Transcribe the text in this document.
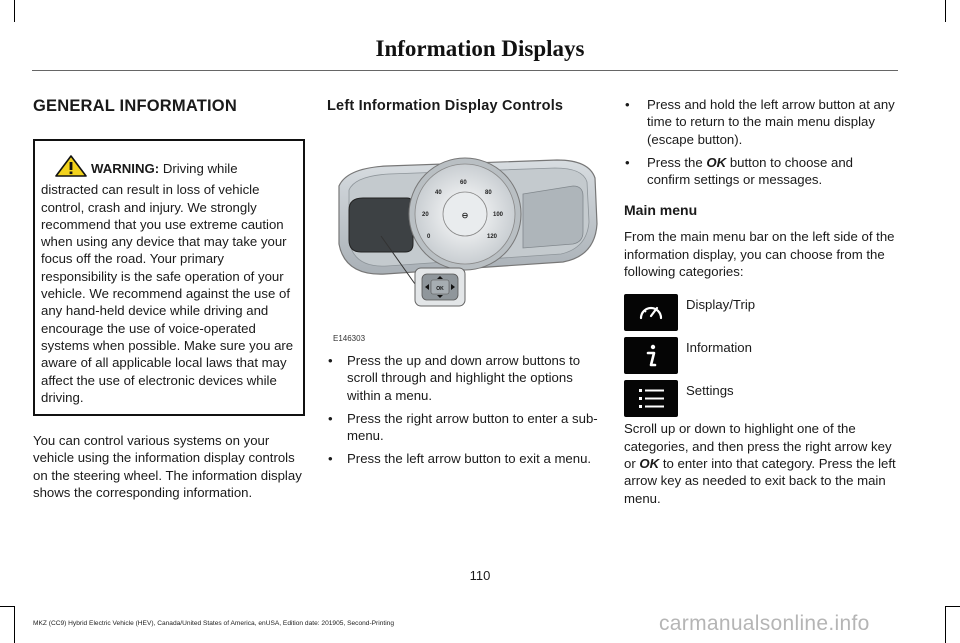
Information Displays
GENERAL INFORMATION
WARNING: Driving while distracted can result in loss of vehicle control, crash and injury. We strongly recommend that you use extreme caution when using any device that may take your focus off the road. Your primary responsibility is the safe operation of your vehicle. We recommend against the use of any hand-held device while driving and encourage the use of voice-operated systems when possible. Make sure you are aware of all applicable local laws that may affect the use of electronic devices while driving.

You can control various systems on your vehicle using the information display controls on the steering wheel. The information display shows the corresponding information.

Left Information Display Controls
⊖
0
20
40
60
80
100
120
OK
E146303
• Press the up and down arrow buttons to scroll through and highlight the options within a menu.
• Press the right arrow button to enter a sub-menu.
• Press the left arrow button to exit a menu.
• Press and hold the left arrow button at any time to return to the main menu display (escape button).
• Press the OK button to choose and confirm settings or messages.
Main menu

From the main menu bar on the left side of the information display, you can choose from the following categories:

Display/Trip
Information
Settings

Scroll up or down to highlight one of the categories, and then press the right arrow key or OK to enter into that category. Press the left arrow key as needed to exit back to the main menu.

110
MKZ (CC9) Hybrid Electric Vehicle (HEV), Canada/United States of America, enUSA, Edition date: 201905, Second-Printing	carmanualsonline.info
